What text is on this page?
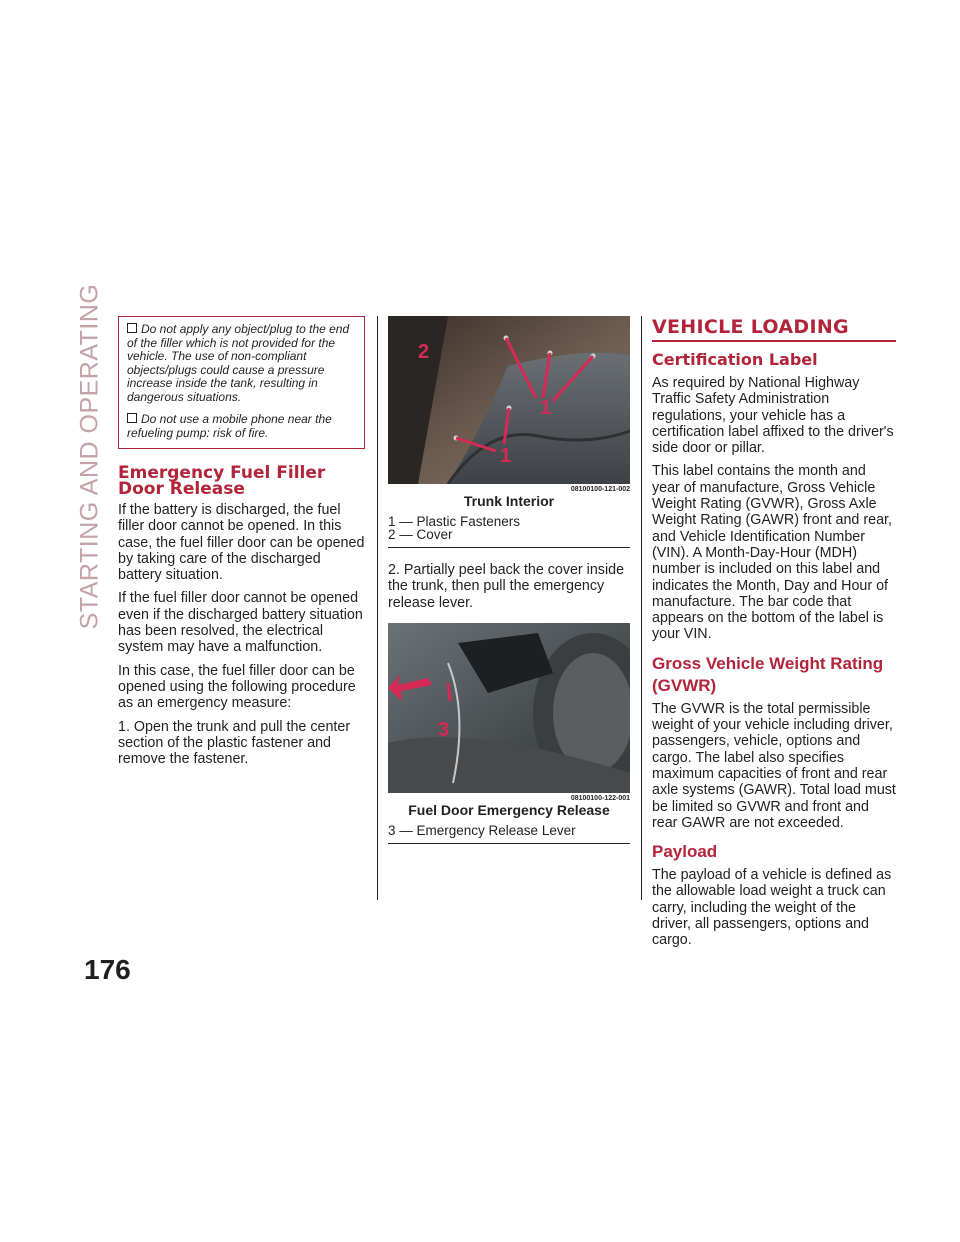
STARTING AND OPERATING
176
Do not apply any object/plug to the end of the filler which is not provided for the vehicle. The use of non-compliant objects/plugs could cause a pressure increase inside the tank, resulting in dangerous situations.
Do not use a mobile phone near the refueling pump: risk of fire.
Emergency Fuel Filler
Door Release

If the battery is discharged, the fuel filler door cannot be opened. In this case, the fuel filler door can be opened by taking care of the discharged battery situation.

If the fuel filler door cannot be opened even if the discharged battery situation has been resolved, the electrical system may have a malfunction.

In this case, the fuel filler door can be opened using the following procedure as an emergency measure:

1. Open the trunk and pull the center section of the plastic fastener and remove the fastener.

2
1
1
08100100-121-002
Trunk Interior
1 — Plastic Fasteners
2 — Cover

2. Partially peel back the cover inside the trunk, then pull the emergency release lever.

3
08100100-122-001
Fuel Door Emergency Release
3 — Emergency Release Lever
VEHICLE LOADING
Certification Label

As required by National Highway Traffic Safety Administration regulations, your vehicle has a certification label affixed to the driver's side door or pillar.

This label contains the month and year of manufacture, Gross Vehicle Weight Rating (GVWR), Gross Axle Weight Rating (GAWR) front and rear, and Vehicle Identification Number (VIN). A Month-Day-Hour (MDH) number is included on this label and indicates the Month, Day and Hour of manufacture. The bar code that appears on the bottom of the label is your VIN.

Gross Vehicle Weight Rating (GVWR)

The GVWR is the total permissible weight of your vehicle including driver, passengers, vehicle, options and cargo. The label also specifies maximum capacities of front and rear axle systems (GAWR). Total load must be limited so GVWR and front and rear GAWR are not exceeded.

Payload

The payload of a vehicle is defined as the allowable load weight a truck can carry, including the weight of the driver, all passengers, options and cargo.
